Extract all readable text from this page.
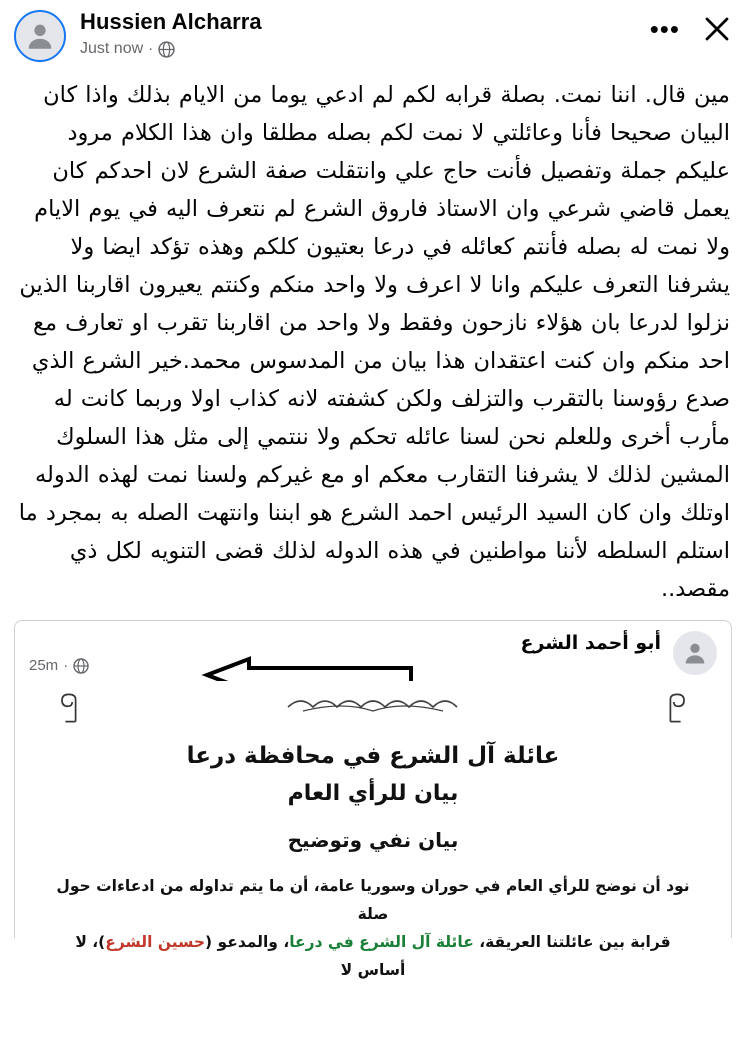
Hussien Alcharra
Just now ·
•••
مين قال. اننا نمت. بصلة قرابه لكم لم ادعي يوما من الايام بذلك واذا كان البيان صحيحا فأنا وعائلتي لا نمت لكم بصله مطلقا وان هذا الكلام مرود عليكم جملة وتفصيل فأنت حاج علي وانتقلت صفة الشرع لان احدكم كان يعمل قاضي شرعي وان الاستاذ فاروق الشرع لم نتعرف اليه في يوم الايام ولا نمت له بصله فأنتم كعائله في درعا بعتيون كلكم وهذه تؤكد ايضا ولا يشرفنا التعرف عليكم وانا لا اعرف ولا واحد منكم وكنتم يعيرون اقاربنا الذين نزلوا لدرعا بان هؤلاء نازحون وفقط ولا واحد من اقاربنا تقرب او تعارف مع احد منكم وان كنت اعتقدان هذا بيان من المدسوس محمد.خير الشرع الذي صدع رؤوسنا بالتقرب والتزلف ولكن كشفته لانه كذاب اولا وربما كانت له مأرب أخرى وللعلم نحن لسنا عائله تحكم ولا ننتمي إلى مثل هذا السلوك المشين لذلك لا يشرفنا التقارب معكم او مع غيركم ولسنا نمت لهذه الدوله اوتلك وان كان السيد الرئيس احمد الشرع هو ابننا وانتهت الصله به بمجرد ما استلم السلطه لأننا مواطنين في هذه الدوله لذلك قضى التنويه لكل ذي مقصد..
أبو أحمد الشرع
25m ·
عائلة آل الشرع في محافظة درعا
بيان للرأي العام
بيان نفي وتوضيح
نود أن نوضح للرأي العام في حوران وسوريا عامة، أن ما يتم تداوله من ادعاءات حول صلة
قرابة بين عائلتنا العريقة، عائلة آل الشرع في درعا، والمدعو (حسين الشرع)، لا أساس لا
